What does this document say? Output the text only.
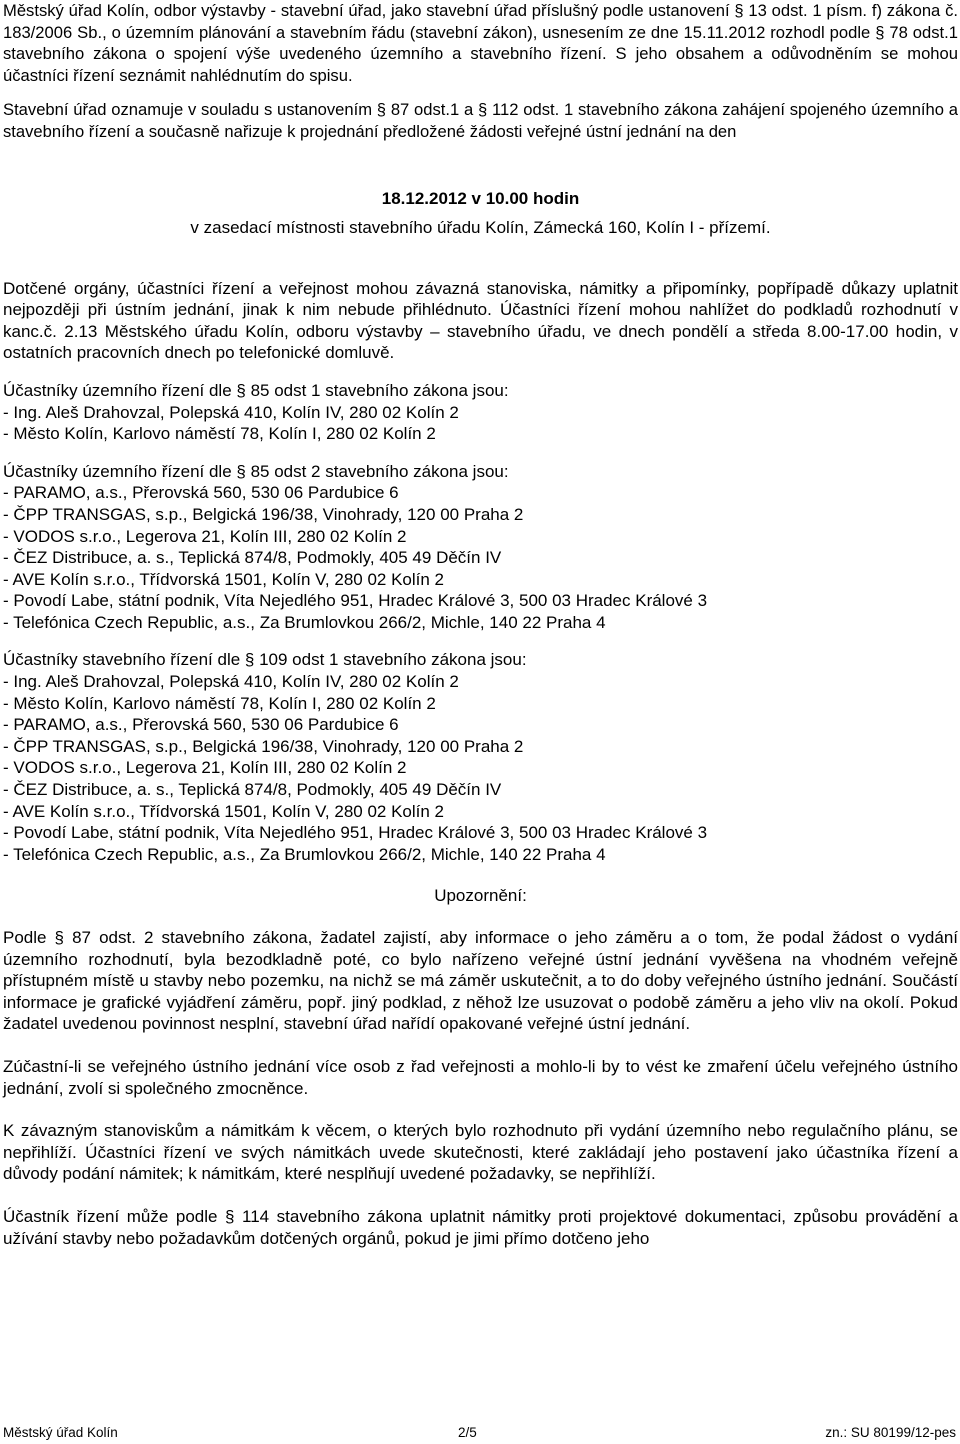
Městský úřad Kolín, odbor výstavby - stavební úřad, jako stavební úřad příslušný podle ustanovení § 13 odst. 1 písm. f) zákona č. 183/2006 Sb., o územním plánování a stavebním řádu (stavební zákon), usnesením ze dne 15.11.2012 rozhodl podle § 78 odst.1 stavebního zákona o spojení výše uvedeného územního a stavebního řízení. S jeho obsahem a odůvodněním se mohou účastníci řízení seznámit nahlédnutím do spisu.

Stavební úřad oznamuje v souladu s ustanovením § 87 odst.1 a § 112 odst. 1 stavebního zákona zahájení spojeného územního a stavebního řízení a současně nařizuje k projednání předložené žádosti veřejné ústní jednání na den

18.12.2012 v 10.00 hodin

v zasedací místnosti stavebního úřadu Kolín, Zámecká 160, Kolín I - přízemí.

Dotčené orgány, účastníci řízení a veřejnost mohou závazná stanoviska, námitky a připomínky, popřípadě důkazy uplatnit nejpozději při ústním jednání, jinak k nim nebude přihlédnuto. Účastníci řízení mohou nahlížet do podkladů rozhodnutí v kanc.č. 2.13 Městského úřadu Kolín, odboru výstavby – stavebního úřadu, ve dnech pondělí a středa 8.00-17.00 hodin, v ostatních pracovních dnech po telefonické domluvě.

Účastníky územního řízení dle § 85 odst 1 stavebního zákona jsou:

- Ing. Aleš Drahovzal, Polepská 410, Kolín IV, 280 02 Kolín 2
- Město Kolín, Karlovo náměstí 78, Kolín I, 280 02 Kolín 2

Účastníky územního řízení dle § 85 odst 2 stavebního zákona jsou:

- PARAMO, a.s., Přerovská 560, 530 06 Pardubice 6
- ČPP TRANSGAS, s.p., Belgická 196/38, Vinohrady, 120 00 Praha 2
- VODOS s.r.o., Legerova 21, Kolín III, 280 02 Kolín 2
- ČEZ Distribuce, a. s., Teplická 874/8, Podmokly, 405 49 Děčín IV
- AVE Kolín s.r.o., Třídvorská 1501, Kolín V, 280 02 Kolín 2
- Povodí Labe, státní podnik, Víta Nejedlého 951, Hradec Králové 3, 500 03 Hradec Králové 3
- Telefónica Czech Republic, a.s., Za Brumlovkou 266/2, Michle, 140 22 Praha 4

Účastníky stavebního řízení dle § 109 odst 1 stavebního zákona jsou:

- Ing. Aleš Drahovzal, Polepská 410, Kolín IV, 280 02 Kolín 2
- Město Kolín, Karlovo náměstí 78, Kolín I, 280 02 Kolín 2
- PARAMO, a.s., Přerovská 560, 530 06 Pardubice 6
- ČPP TRANSGAS, s.p., Belgická 196/38, Vinohrady, 120 00 Praha 2
- VODOS s.r.o., Legerova 21, Kolín III, 280 02 Kolín 2
- ČEZ Distribuce, a. s., Teplická 874/8, Podmokly, 405 49 Děčín IV
- AVE Kolín s.r.o., Třídvorská 1501, Kolín V, 280 02 Kolín 2
- Povodí Labe, státní podnik, Víta Nejedlého 951, Hradec Králové 3, 500 03 Hradec Králové 3
- Telefónica Czech Republic, a.s., Za Brumlovkou 266/2, Michle, 140 22 Praha 4

Upozornění:

Podle § 87 odst. 2 stavebního zákona, žadatel zajistí, aby informace o jeho záměru a o tom, že podal žádost o vydání územního rozhodnutí, byla bezodkladně poté, co bylo nařízeno veřejné ústní jednání vyvěšena na vhodném veřejně přístupném místě u stavby nebo pozemku, na nichž se má záměr uskutečnit, a to do doby veřejného ústního jednání. Součástí informace je grafické vyjádření záměru, popř. jiný podklad, z něhož lze usuzovat o podobě záměru a jeho vliv na okolí. Pokud žadatel uvedenou povinnost nesplní, stavební úřad nařídí opakované veřejné ústní jednání.

Zúčastní-li se veřejného ústního jednání více osob z řad veřejnosti a mohlo-li by to vést ke zmaření účelu veřejného ústního jednání, zvolí si společného zmocněnce.

K závazným stanoviskům a námitkám k věcem, o kterých bylo rozhodnuto při vydání územního nebo regulačního plánu, se nepřihlíží. Účastníci řízení ve svých námitkách uvede skutečnosti, které zakládají jeho postavení jako účastníka řízení a důvody podání námitek; k námitkám, které nesplňují uvedené požadavky, se nepřihlíží.

Účastník řízení může podle § 114 stavebního zákona uplatnit námitky proti projektové dokumentaci, způsobu provádění a užívání stavby nebo požadavkům dotčených orgánů, pokud je jimi přímo dotčeno jeho

Městský úřad Kolín	2/5	zn.: SU 80199/12-pes
